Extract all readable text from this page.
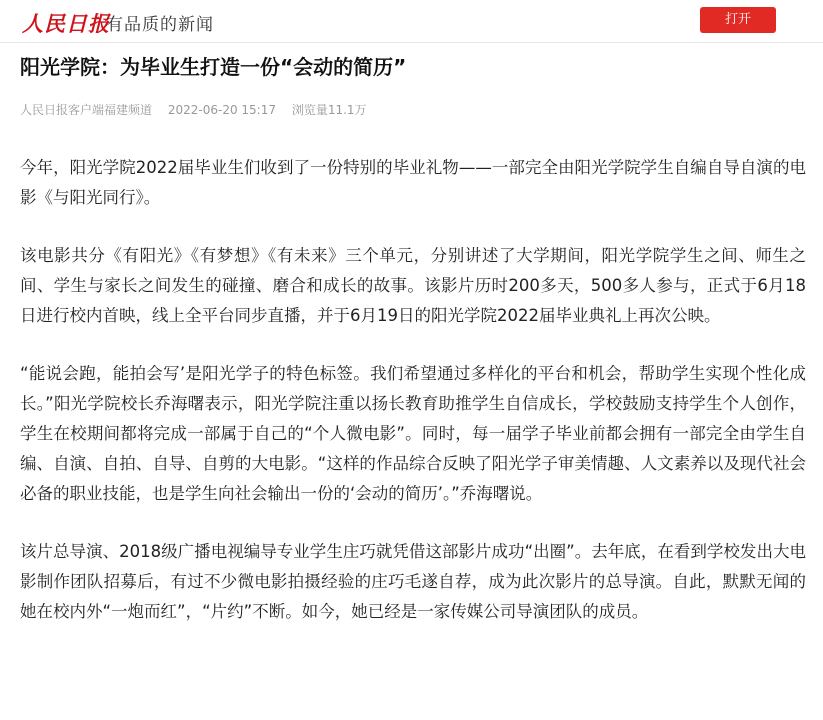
人民日报
有品质的新闻	打开
阳光学院：为毕业生打造一份“会动的简历”
人民日报客户端福建频道 2022-06-20 15:17 浏览量11.1万

今年，阳光学院2022届毕业生们收到了一份特别的毕业礼物——一部完全由阳光学院学生自编自导自演的电影《与阳光同行》。

该电影共分《有阳光》《有梦想》《有未来》三个单元，分别讲述了大学期间，阳光学院学生之间、师生之间、学生与家长之间发生的碰撞、磨合和成长的故事。该影片历时200多天，500多人参与，正式于6月18日进行校内首映，线上全平台同步直播，并于6月19日的阳光学院2022届毕业典礼上再次公映。

“能说会跑，能拍会写’是阳光学子的特色标签。我们希望通过多样化的平台和机会，帮助学生实现个性化成长。”阳光学院校长乔海曙表示，阳光学院注重以扬长教育助推学生自信成长，学校鼓励支持学生个人创作，学生在校期间都将完成一部属于自己的“个人微电影”。同时，每一届学子毕业前都会拥有一部完全由学生自编、自演、自拍、自导、自剪的大电影。“这样的作品综合反映了阳光学子审美情趣、人文素养以及现代社会必备的职业技能，也是学生向社会输出一份的‘会动的简历’。”乔海曙说。

该片总导演、2018级广播电视编导专业学生庄巧就凭借这部影片成功“出圈”。去年底，在看到学校发出大电影制作团队招募后，有过不少微电影拍摄经验的庄巧毛遂自荐，成为此次影片的总导演。自此，默默无闻的她在校内外“一炮而红”，“片约”不断。如今，她已经是一家传媒公司导演团队的成员。
